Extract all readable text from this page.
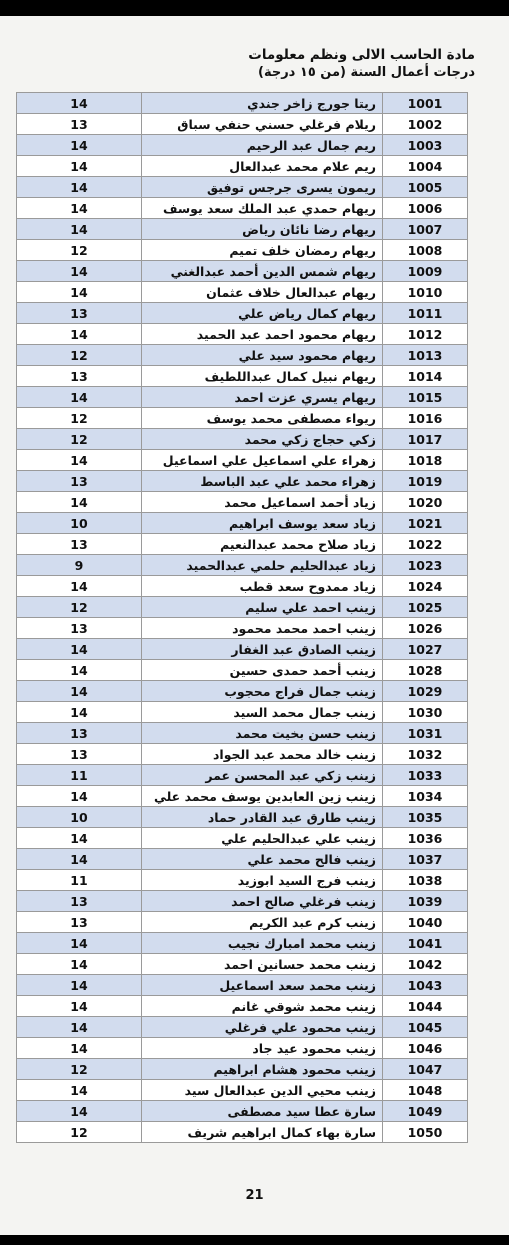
مادة الحاسب الالى ونظم معلومات
درجات أعمال السنة (من ١٥ درجة)
14	ريتا جورج زاخر جندي	1001
13	ريلام فرغلي حسني حنفي سباق	1002
14	ريم جمال عبد الرحيم	1003
14	ريم علام محمد عبدالعال	1004
14	ريمون يسرى جرجس توفيق	1005
14	ريهام حمدي عبد الملك سعد يوسف	1006
14	ريهام رضا نائان رياض	1007
12	ريهام رمضان خلف تميم	1008
14	ريهام شمس الدين أحمد عبدالغني	1009
14	ريهام عبدالعال خلاف عثمان	1010
13	ريهام كمال رياض علي	1011
14	ريهام محمود احمد عبد الحميد	1012
12	ريهام محمود سيد علي	1013
13	ريهام نبيل كمال عبداللطيف	1014
14	ريهام يسري عزت احمد	1015
12	ريواء مصطفى محمد يوسف	1016
12	زكي حجاج زكي محمد	1017
14	زهراء علي اسماعيل علي اسماعيل	1018
13	زهراء محمد علي عبد الباسط	1019
14	زياد أحمد اسماعيل محمد	1020
10	زياد سعد يوسف ابراهيم	1021
13	زياد صلاح محمد عبدالنعيم	1022
9	زياد عبدالحليم حلمي عبدالحميد	1023
14	زياد ممدوح سعد قطب	1024
12	زينب احمد علي سليم	1025
13	زينب احمد محمد محمود	1026
14	زينب الصادق عبد الغفار	1027
14	زينب أحمد حمدى حسين	1028
14	زينب جمال فراج محجوب	1029
14	زينب جمال محمد السيد	1030
13	زينب حسن بخيت محمد	1031
13	زينب خالد محمد عبد الجواد	1032
11	زينب زكي عبد المحسن عمر	1033
14	زينب زين العابدين يوسف محمد علي	1034
10	زينب طارق عبد القادر حماد	1035
14	زينب علي عبدالحليم علي	1036
14	زينب فالح محمد علي	1037
11	زينب فرج السيد ابوزيد	1038
13	زينب فرغلي صالح احمد	1039
13	زينب كرم عبد الكريم	1040
14	زينب محمد امبارك نجيب	1041
14	زينب محمد حسانين احمد	1042
14	زينب محمد سعد اسماعيل	1043
14	زينب محمد شوقي غانم	1044
14	زينب محمود علي فرغلي	1045
14	زينب محمود عيد جاد	1046
12	زينب محمود هشام ابراهيم	1047
14	زينب محيي الدين عبدالعال سيد	1048
14	سارة عطا سيد مصطفى	1049
12	سارة بهاء كمال ابراهيم شريف	1050
21
